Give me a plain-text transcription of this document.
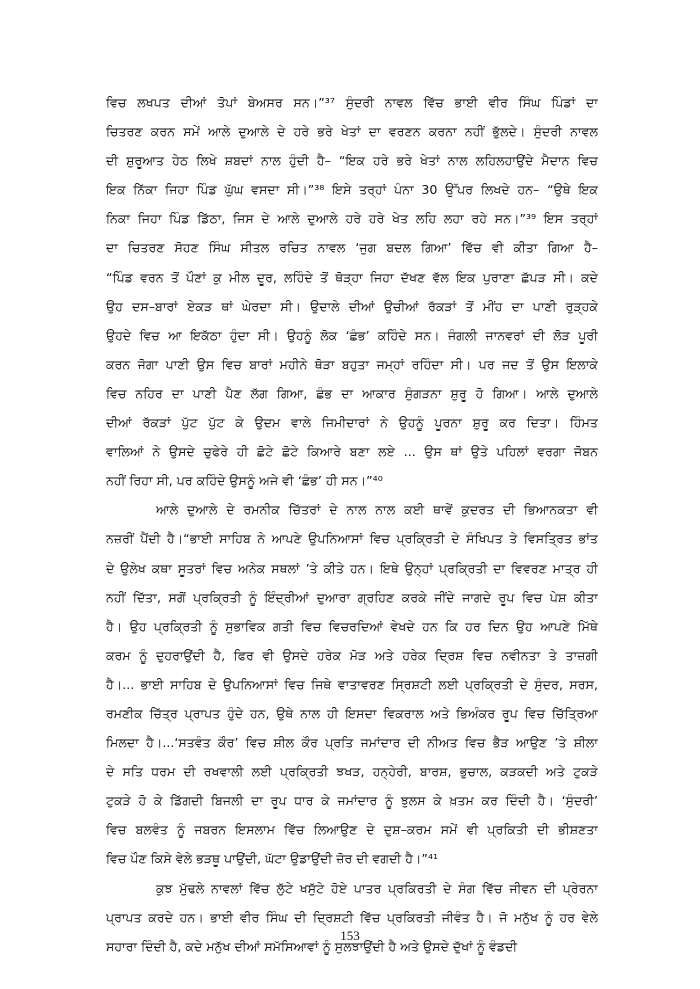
ਵਿਚ ਲਖਪਤ ਦੀਆਂ ਤੋਪਾਂ ਬੇਅਸਰ ਸਨ।”³⁷ ਸੁੰਦਰੀ ਨਾਵਲ ਵਿੱਚ ਭਾਈ ਵੀਰ ਸਿੰਘ ਪਿੰਡਾਂ ਦਾ
ਚਿਤਰਣ ਕਰਨ ਸਮੇਂ ਆਲੇ ਦੁਆਲੇ ਦੇ ਹਰੇ ਭਰੇ ਖੇਤਾਂ ਦਾ ਵਰਣਨ ਕਰਨਾ ਨਹੀਂ ਭੁੱਲਦੇ। ਸੁੰਦਰੀ ਨਾਵਲ
ਦੀ ਸ਼ੁਰੂਆਤ ਹੇਠ ਲਿਖੇ ਸ਼ਬਦਾਂ ਨਾਲ ਹੁੰਦੀ ਹੈ– “ਇਕ ਹਰੇ ਭਰੇ ਖੇਤਾਂ ਨਾਲ ਲਹਿਲਹਾਉਂਦੇ ਮੈਦਾਨ ਵਿਚ
ਇਕ ਨਿੱਕਾ ਜਿਹਾ ਪਿੰਡ ਘੁੱਘ ਵਸਦਾ ਸੀ।”³⁸ ਇਸੇ ਤਰ੍ਹਾਂ ਪੰਨਾ 30 ਉੱਪਰ ਲਿਖਦੇ ਹਨ– “ਉਥੇ ਇਕ
ਨਿਕਾ ਜਿਹਾ ਪਿੰਡ ਡਿੱਠਾ, ਜਿਸ ਦੇ ਆਲੇ ਦੁਆਲੇ ਹਰੇ ਹਰੇ ਖੇਤ ਲਹਿ ਲਹਾ ਰਹੇ ਸਨ।”³⁹ ਇਸ ਤਰ੍ਹਾਂ
ਦਾ ਚਿਤਰਣ ਸੋਹਣ ਸਿੰਘ ਸੀਤਲ ਰਚਿਤ ਨਾਵਲ ‘ਜੁਗ ਬਦਲ ਗਿਆ’ ਵਿੱਚ ਵੀ ਕੀਤਾ ਗਿਆ ਹੈ–
“ਪਿੰਡ ਵਰਨ ਤੋਂ ਪੌਣਾਂ ਕੁ ਮੀਲ ਦੂਰ, ਲਹਿੰਦੇ ਤੋਂ ਥੋੜ੍ਹਾ ਜਿਹਾ ਦੱਖਣ ਵੱਲ ਇਕ ਪੁਰਾਣਾ ਛੱਪੜ ਸੀ। ਕਦੇ
ਉਹ ਦਸ–ਬਾਰਾਂ ਏਕੜ ਥਾਂ ਘੇਰਦਾ ਸੀ। ਉਦਾਲੇ ਦੀਆਂ ਉਚੀਆਂ ਰੱਕੜਾਂ ਤੋਂ ਮੀਂਹ ਦਾ ਪਾਣੀ ਰੁੜ੍ਹਕੇ
ਉਹਦੇ ਵਿਚ ਆ ਇਕੱਠਾ ਹੁੰਦਾ ਸੀ। ਉਹਨੂੰ ਲੋਕ ‘ਛੰਭ’ ਕਹਿੰਦੇ ਸਨ। ਜੰਗਲੀ ਜਾਨਵਰਾਂ ਦੀ ਲੋੜ ਪੂਰੀ
ਕਰਨ ਜੋਗਾ ਪਾਣੀ ਉਸ ਵਿਚ ਬਾਰਾਂ ਮਹੀਨੇ ਥੋੜਾ ਬਹੁਤਾ ਜਮ੍ਹਾਂ ਰਹਿੰਦਾ ਸੀ। ਪਰ ਜਦ ਤੋਂ ਉਸ ਇਲਾਕੇ
ਵਿਚ ਨਹਿਰ ਦਾ ਪਾਣੀ ਪੈਣ ਲੱਗ ਗਿਆ, ਛੰਭ ਦਾ ਆਕਾਰ ਸੁੰਗੜਨਾ ਸ਼ੁਰੂ ਹੋ ਗਿਆ। ਆਲੇ ਦੁਆਲੇ
ਦੀਆਂ ਰੱਕੜਾਂ ਪੁੱਟ ਪੁੱਟ ਕੇ ਉਦਮ ਵਾਲੇ ਜਿਮੀਦਾਰਾਂ ਨੇ ਉਹਨੂੰ ਪੂਰਨਾ ਸ਼ੁਰੂ ਕਰ ਦਿਤਾ। ਹਿੰਮਤ
ਵਾਲਿਆਂ ਨੇ ਉਸਦੇ ਚੁਫੇਰੇ ਹੀ ਛੋਟੇ ਛੋਟੇ ਕਿਆਰੇ ਬਣਾ ਲਏ ... ਉਸ ਥਾਂ ਉਤੇ ਪਹਿਲਾਂ ਵਰਗਾ ਜੋਬਨ
ਨਹੀਂ ਰਿਹਾ ਸੀ, ਪਰ ਕਹਿੰਦੇ ਉਸਨੂੰ ਅਜੇ ਵੀ ‘ਛੰਭ’ ਹੀ ਸਨ।”⁴⁰
ਆਲੇ ਦੁਆਲੇ ਦੇ ਰਮਨੀਕ ਚਿੱਤਰਾਂ ਦੇ ਨਾਲ ਨਾਲ ਕਈ ਥਾਵੇਂ ਕੁਦਰਤ ਦੀ ਭਿਆਨਕਤਾ ਵੀ
ਨਜ਼ਰੀਂ ਪੈਂਦੀ ਹੈ।“ਭਾਈ ਸਾਹਿਬ ਨੇ ਆਪਣੇ ਉਪਨਿਆਸਾਂ ਵਿਚ ਪ੍ਰਕ੍ਰਿਤੀ ਦੇ ਸੰਖਿਪਤ ਤੇ ਵਿਸਤ੍ਰਿਤ ਭਾਂਤ
ਦੇ ਉਲੇਖ ਕਥਾ ਸੂਤਰਾਂ ਵਿਚ ਅਨੇਕ ਸਥਲਾਂ ’ਤੇ ਕੀਤੇ ਹਨ। ਇਥੇ ਉਨ੍ਹਾਂ ਪ੍ਰਕ੍ਰਿਤੀ ਦਾ ਵਿਵਰਣ ਮਾਤ੍ਰ ਹੀ
ਨਹੀਂ ਦਿੱਤਾ, ਸਗੋਂ ਪ੍ਰਕ੍ਰਿਤੀ ਨੂੰ ਇੰਦ੍ਰੀਆਂ ਦੁਆਰਾ ਗ੍ਰਹਿਣ ਕਰਕੇ ਜੀਂਦੇ ਜਾਗਦੇ ਰੂਪ ਵਿਚ ਪੇਸ਼ ਕੀਤਾ
ਹੈ। ਉਹ ਪ੍ਰਕ੍ਰਿਤੀ ਨੂੰ ਸੁਭਾਵਿਕ ਗਤੀ ਵਿਚ ਵਿਚਰਦਿਆਂ ਵੇਖਦੇ ਹਨ ਕਿ ਹਰ ਦਿਨ ਉਹ ਆਪਣੇ ਮਿੱਥੇ
ਕਰਮ ਨੂੰ ਦੁਹਰਾਉਂਦੀ ਹੈ, ਫਿਰ ਵੀ ਉਸਦੇ ਹਰੇਕ ਮੋੜ ਅਤੇ ਹਰੇਕ ਦ੍ਰਿਸ਼ ਵਿਚ ਨਵੀਨਤਾ ਤੇ ਤਾਜ਼ਗੀ
ਹੈ।... ਭਾਈ ਸਾਹਿਬ ਦੇ ਉਪਨਿਆਸਾਂ ਵਿਚ ਜਿਥੇ ਵਾਤਾਵਰਣ ਸ੍ਰਿਸ਼ਟੀ ਲਈ ਪ੍ਰਕ੍ਰਿਤੀ ਦੇ ਸੁੰਦਰ, ਸਰਸ,
ਰਮਣੀਕ ਚਿੱਤ੍ਰ ਪ੍ਰਾਪਤ ਹੁੰਦੇ ਹਨ, ਉਥੇ ਨਾਲ ਹੀ ਇਸਦਾ ਵਿਕਰਾਲ ਅਤੇ ਭਿਅੰਕਰ ਰੂਪ ਵਿਚ ਚਿੱਤ੍ਰਿਆ
ਮਿਲਦਾ ਹੈ।...‘ਸਤਵੰਤ ਕੌਰ’ ਵਿਚ ਸ਼ੀਲ ਕੌਰ ਪ੍ਰਤਿ ਜਮਾਂਦਾਰ ਦੀ ਨੀਅਤ ਵਿਚ ਭੈੜ ਆਉਣ ’ਤੇ ਸ਼ੀਲਾ
ਦੇ ਸਤਿ ਧਰਮ ਦੀ ਰਖਵਾਲੀ ਲਈ ਪ੍ਰਕ੍ਰਿਤੀ ਝਖੜ, ਹਨ੍ਹੇਰੀ, ਬਾਰਸ਼, ਭੁਚਾਲ, ਕੜਕਦੀ ਅਤੇ ਟੁਕੜੇ
ਟੁਕੜੇ ਹੋ ਕੇ ਡਿੱਗਦੀ ਬਿਜਲੀ ਦਾ ਰੂਪ ਧਾਰ ਕੇ ਜਮਾਂਦਾਰ ਨੂੰ ਝੁਲਸ ਕੇ ਖ਼ਤਮ ਕਰ ਦਿੰਦੀ ਹੈ। ‘ਸੁੰਦਰੀ’
ਵਿਚ ਬਲਵੰਤ ਨੂੰ ਜਬਰਨ ਇਸਲਾਮ ਵਿੱਚ ਲਿਆਉਣ ਦੇ ਦੁਸ਼–ਕਰਮ ਸਮੇਂ ਵੀ ਪ੍ਰਕਿਤੀ ਦੀ ਭੀਸ਼ਣਤਾ
ਵਿਚ ਪੌਣ ਕਿਸੇ ਵੇਲੇ ਭੜਥੂ ਪਾਉਂਦੀ, ਘੱਟਾ ਉਡਾਉਂਦੀ ਜ਼ੋਰ ਦੀ ਵਗਦੀ ਹੈ।”⁴¹
ਕੁਝ ਮੁੱਢਲੇ ਨਾਵਲਾਂ ਵਿੱਚ ਲੁੱਟੇ ਖਸੁੱਟੇ ਹੋਏ ਪਾਤਰ ਪ੍ਰਕਿਰਤੀ ਦੇ ਸੰਗ ਵਿੱਚ ਜੀਵਨ ਦੀ ਪ੍ਰੇਰਨਾ
ਪ੍ਰਾਪਤ ਕਰਦੇ ਹਨ। ਭਾਈ ਵੀਰ ਸਿੰਘ ਦੀ ਦ੍ਰਿਸ਼ਟੀ ਵਿੱਚ ਪ੍ਰਕਿਰਤੀ ਜੀਵੰਤ ਹੈ। ਜੋ ਮਨੁੱਖ ਨੂੰ ਹਰ ਵੇਲੇ
ਸਹਾਰਾ ਦਿੰਦੀ ਹੈ, ਕਦੇ ਮਨੁੱਖ ਦੀਆਂ ਸਮੱਸਿਆਵਾਂ ਨੂੰ ਸੁਲਝਾਉਂਦੀ ਹੈ ਅਤੇ ਉਸਦੇ ਦੁੱਖਾਂ ਨੂੰ ਵੰਡਦੀ
153
